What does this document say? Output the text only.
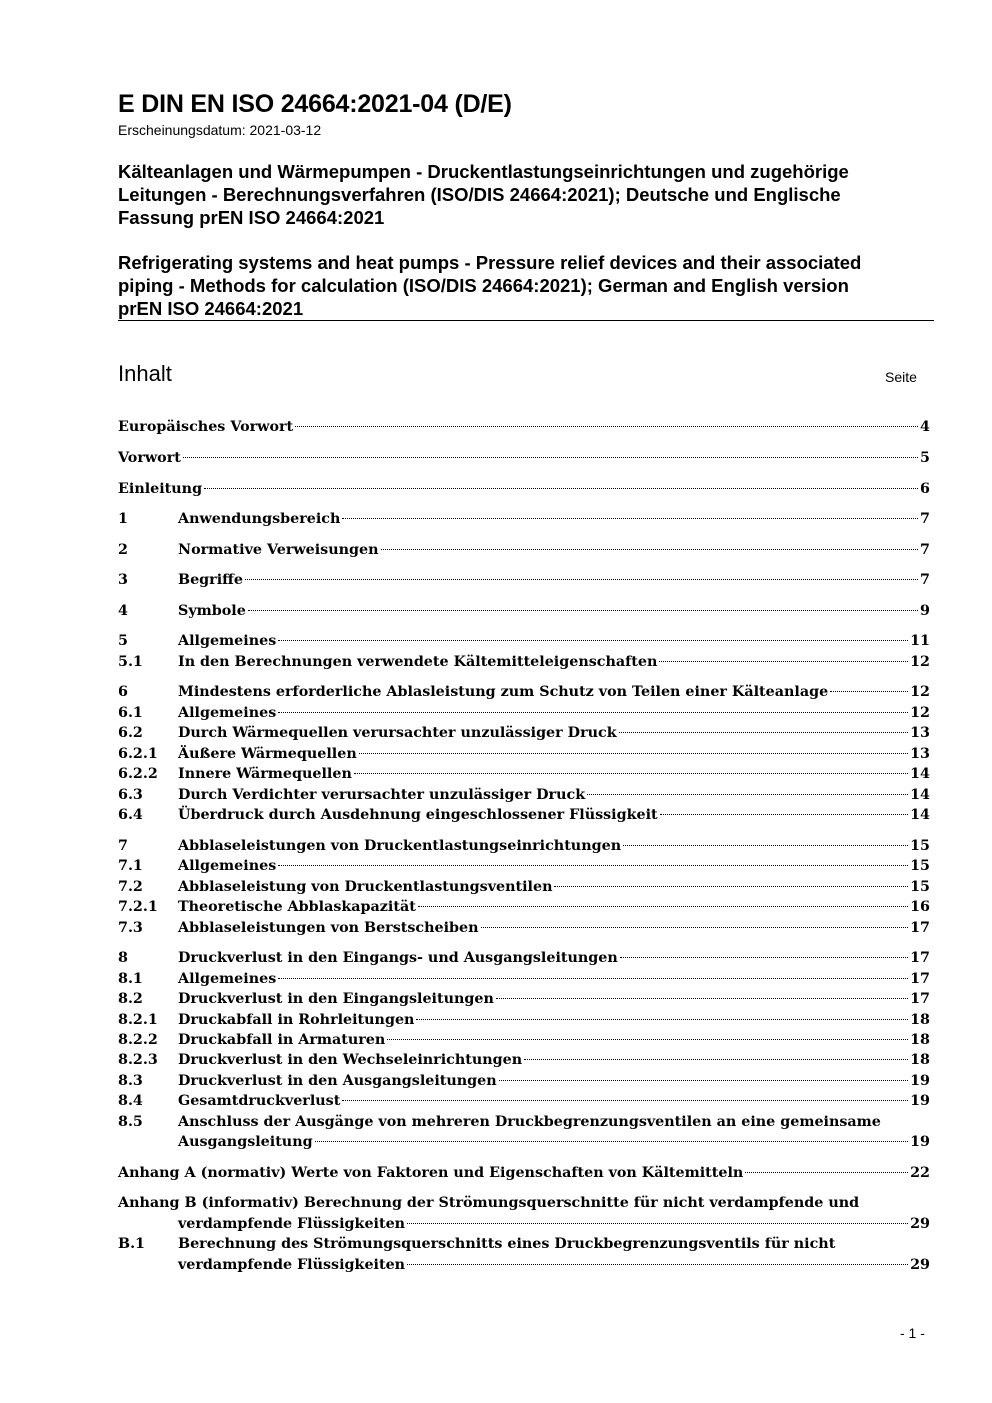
E DIN EN ISO 24664:2021-04 (D/E)
Erscheinungsdatum: 2021-03-12
Kälteanlagen und Wärmepumpen - Druckentlastungseinrichtungen und zugehörige
Leitungen - Berechnungsverfahren (ISO/DIS 24664:2021); Deutsche und Englische
Fassung prEN ISO 24664:2021
Refrigerating systems and heat pumps - Pressure relief devices and their associated
piping - Methods for calculation (ISO/DIS 24664:2021); German and English version
prEN ISO 24664:2021
Inhalt	Seite
Europäisches Vorwort	4
Vorwort	5
Einleitung	6
1	Anwendungsbereich	7
2	Normative Verweisungen	7
3	Begriffe	7
4	Symbole	9
5	Allgemeines	11
5.1 In den Berechnungen verwendete Kältemitteleigenschaften	12
6	Mindestens erforderliche Ablasleistung zum Schutz von Teilen einer Kälteanlage	12
6.1 Allgemeines	12
6.2 Durch Wärmequellen verursachter unzulässiger Druck	13
6.2.1 Äußere Wärmequellen	13
6.2.2 Innere Wärmequellen	14
6.3 Durch Verdichter verursachter unzulässiger Druck	14
6.4 Überdruck durch Ausdehnung eingeschlossener Flüssigkeit	14
7	Abblaseleistungen von Druckentlastungseinrichtungen	15
7.1 Allgemeines	15
7.2 Abblaseleistung von Druckentlastungsventilen	15
7.2.1 Theoretische Abblaskapazität	16
7.3 Abblaseleistungen von Berstscheiben	17
8	Druckverlust in den Eingangs- und Ausgangsleitungen	17
8.1 Allgemeines	17
8.2 Druckverlust in den Eingangsleitungen	17
8.2.1 Druckabfall in Rohrleitungen	18
8.2.2 Druckabfall in Armaturen	18
8.2.3 Druckverlust in den Wechseleinrichtungen	18
8.3 Druckverlust in den Ausgangsleitungen	19
8.4 Gesamtdruckverlust	19
8.5 Anschluss der Ausgänge von mehreren Druckbegrenzungsventilen an eine gemeinsame
Ausgangsleitung	19
Anhang A (normativ) Werte von Faktoren und Eigenschaften von Kältemitteln	22
Anhang B (informativ) Berechnung der Strömungsquerschnitte für nicht verdampfende und
verdampfende Flüssigkeiten	29
B.1 Berechnung des Strömungsquerschnitts eines Druckbegrenzungsventils für nicht
verdampfende Flüssigkeiten	29
- 1 -
